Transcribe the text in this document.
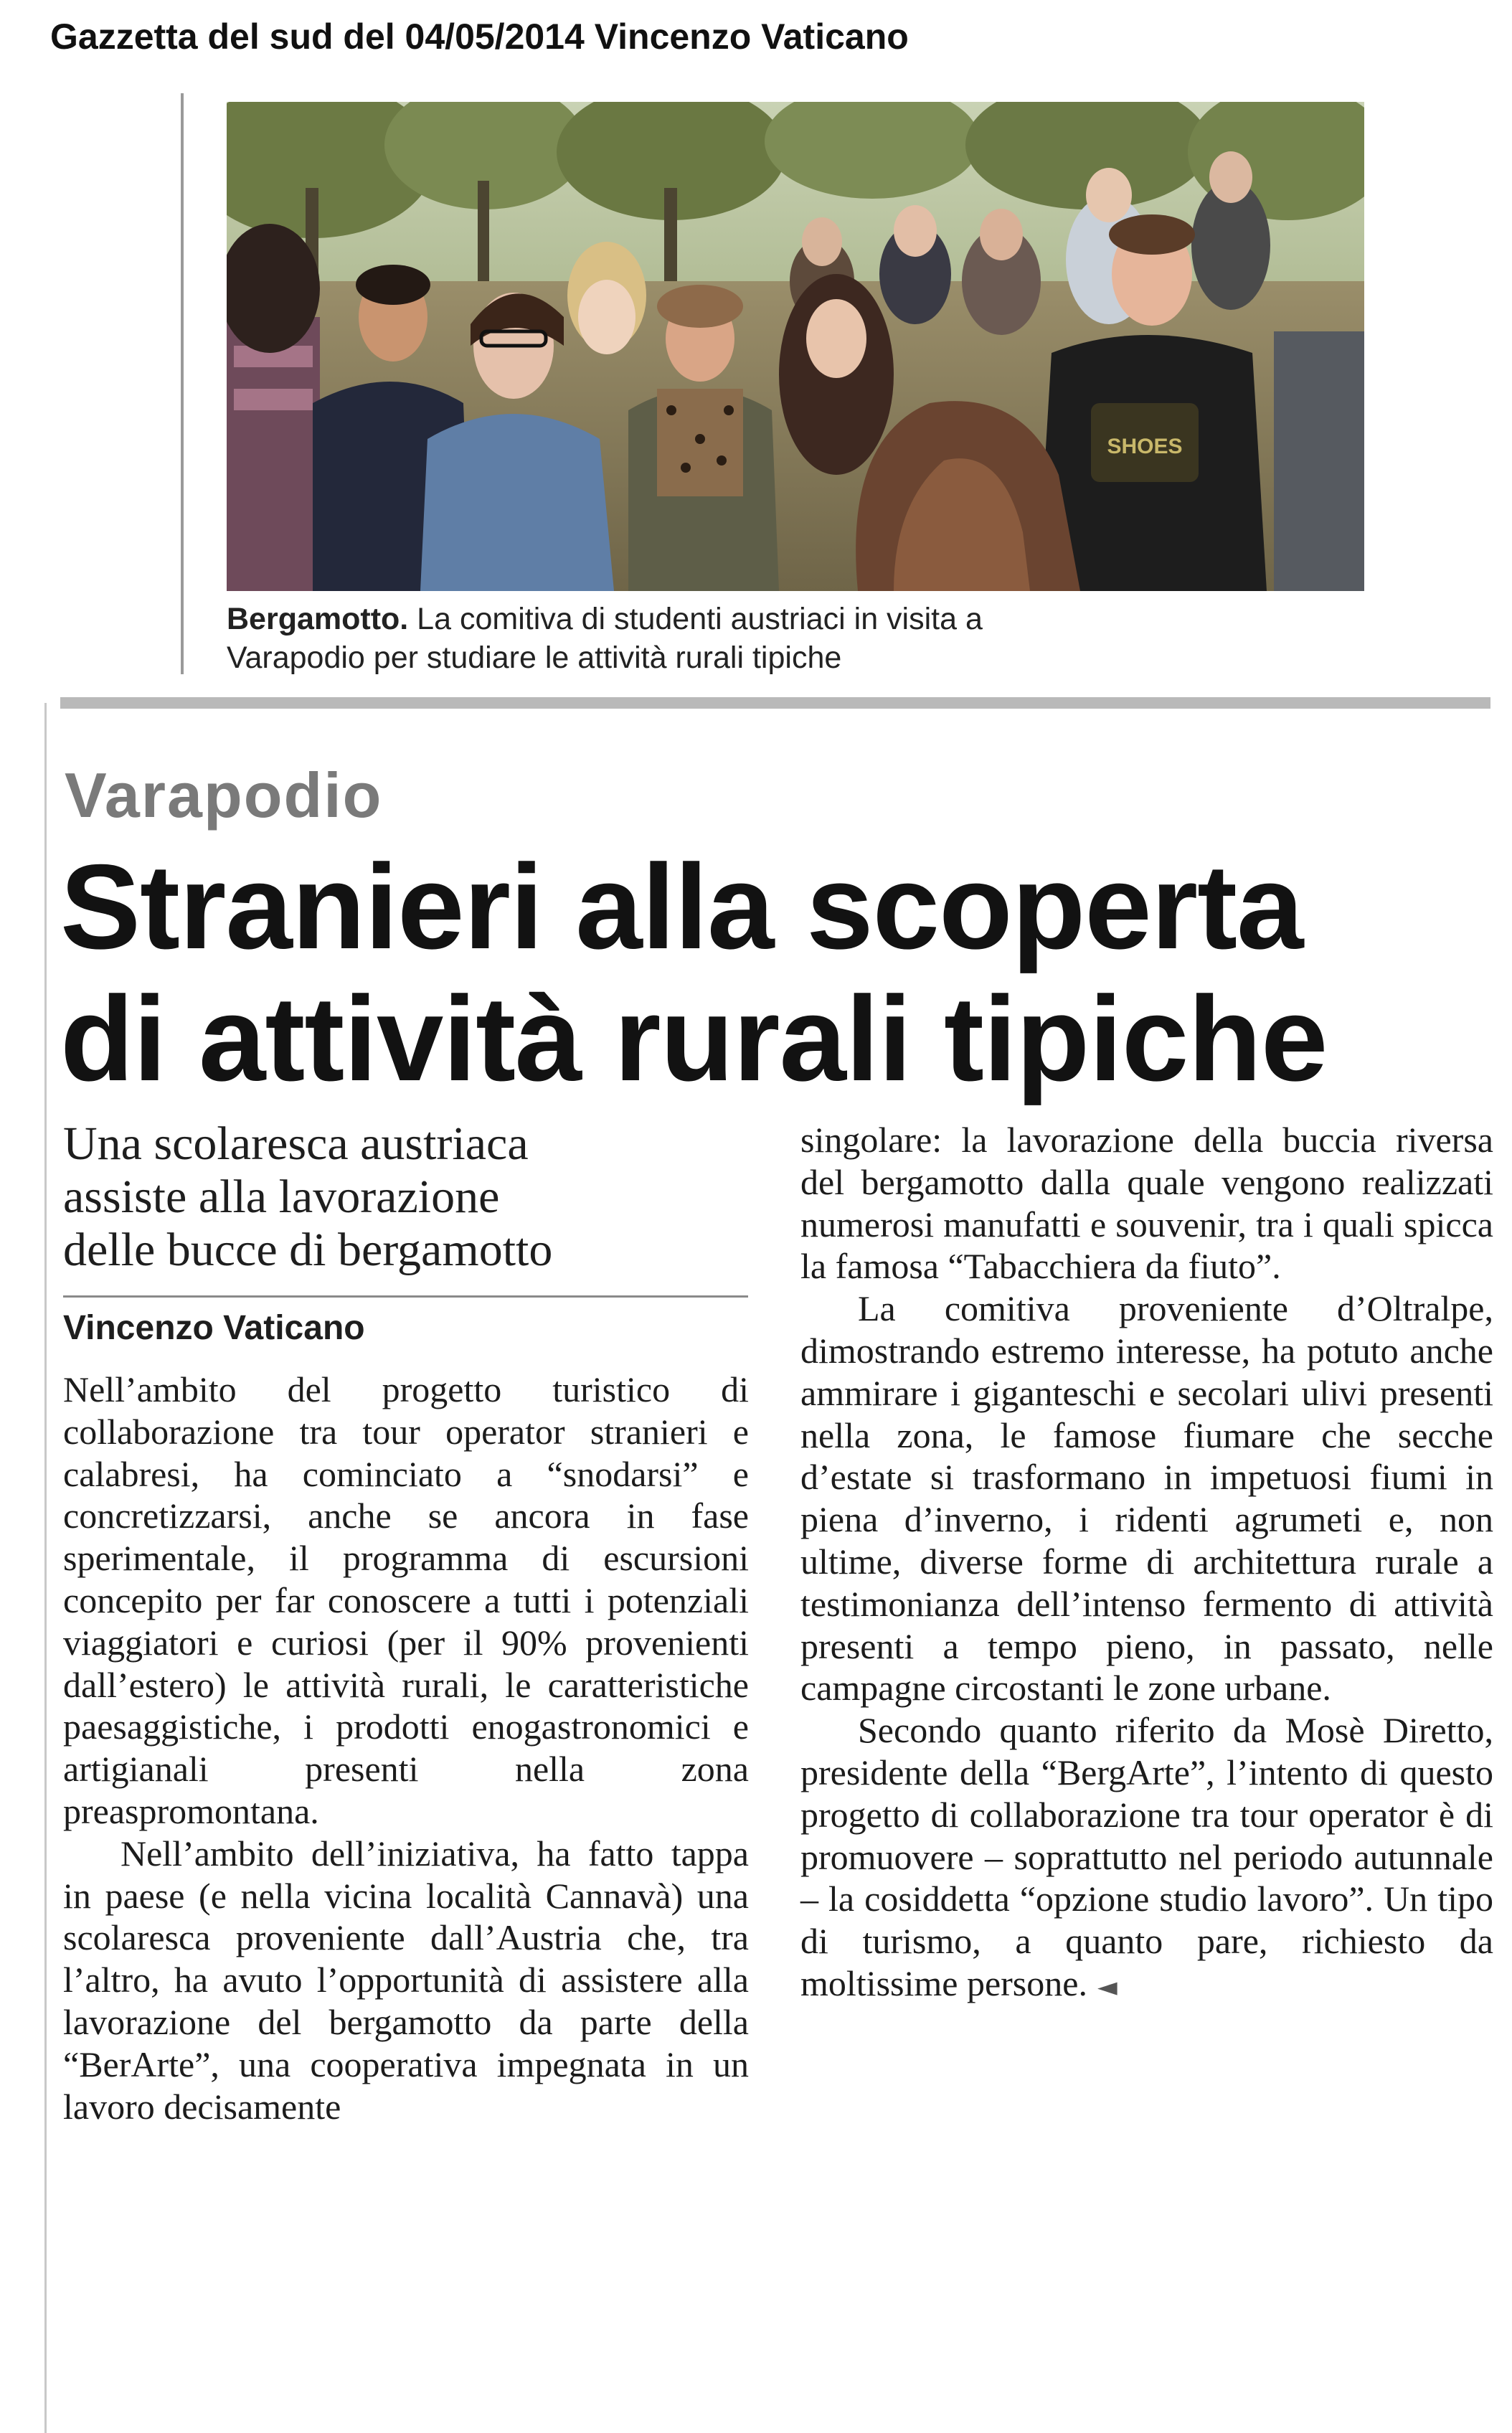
Gazzetta del sud del 04/05/2014 Vincenzo Vaticano
SHOES
Bergamotto. La comitiva di studenti austriaci in visita a
Varapodio per studiare le attività rurali tipiche
Varapodio
Stranieri alla scoperta
di attività rurali tipiche
Una scolaresca austriaca
assiste alla lavorazione
delle bucce di bergamotto
Vincenzo Vaticano

Nell’ambito del progetto turistico di collaborazione tra tour operator stranieri e calabresi, ha cominciato a “snodarsi” e concretizzarsi, anche se ancora in fase sperimentale, il programma di escursioni concepito per far conoscere a tutti i potenziali viaggiatori e curiosi (per il 90% provenienti dall’estero) le attività rurali, le caratteristiche paesaggistiche, i prodotti enogastronomici e artigianali presenti nella zona preaspromontana.

Nell’ambito dell’iniziativa, ha fatto tappa in paese (e nella vicina località Cannavà) una scolaresca proveniente dall’Austria che, tra l’altro, ha avuto l’opportunità di assistere alla lavorazione del bergamotto da parte della “BerArte”, una cooperativa impegnata in un lavoro decisamente

singolare: la lavorazione della buccia riversa del bergamotto dalla quale vengono realizzati numerosi manufatti e souvenir, tra i quali spicca la famosa “Tabacchiera da fiuto”.

La comitiva proveniente d’Oltralpe, dimostrando estremo interesse, ha potuto anche ammirare i giganteschi e secolari ulivi presenti nella zona, le famose fiumare che secche d’estate si trasformano in impetuosi fiumi in piena d’inverno, i ridenti agrumeti e, non ultime, diverse forme di architettura rurale a testimonianza dell’intenso fermento di attività presenti a tempo pieno, in passato, nelle campagne circostanti le zone urbane.

Secondo quanto riferito da Mosè Diretto, presidente della “BergArte”, l’intento di questo progetto di collaborazione tra tour operator è di promuovere – soprattutto nel periodo autunnale – la cosiddetta “opzione studio lavoro”. Un tipo di turismo, a quanto pare, richiesto da moltissime persone. ◄
